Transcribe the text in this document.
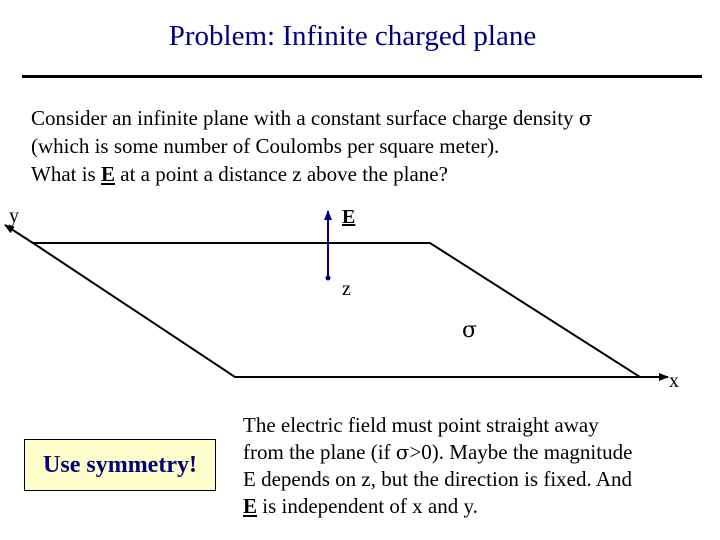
Problem: Infinite charged plane
Consider an infinite plane with a constant surface charge density σ
(which is some number of Coulombs per square meter).
What is E at a point a distance z above the plane?
y
x
z
E
σ
Use symmetry!
The electric field must point straight away
from the plane (if σ>0). Maybe the magnitude
E depends on z, but the direction is fixed. And
E is independent of x and y.
